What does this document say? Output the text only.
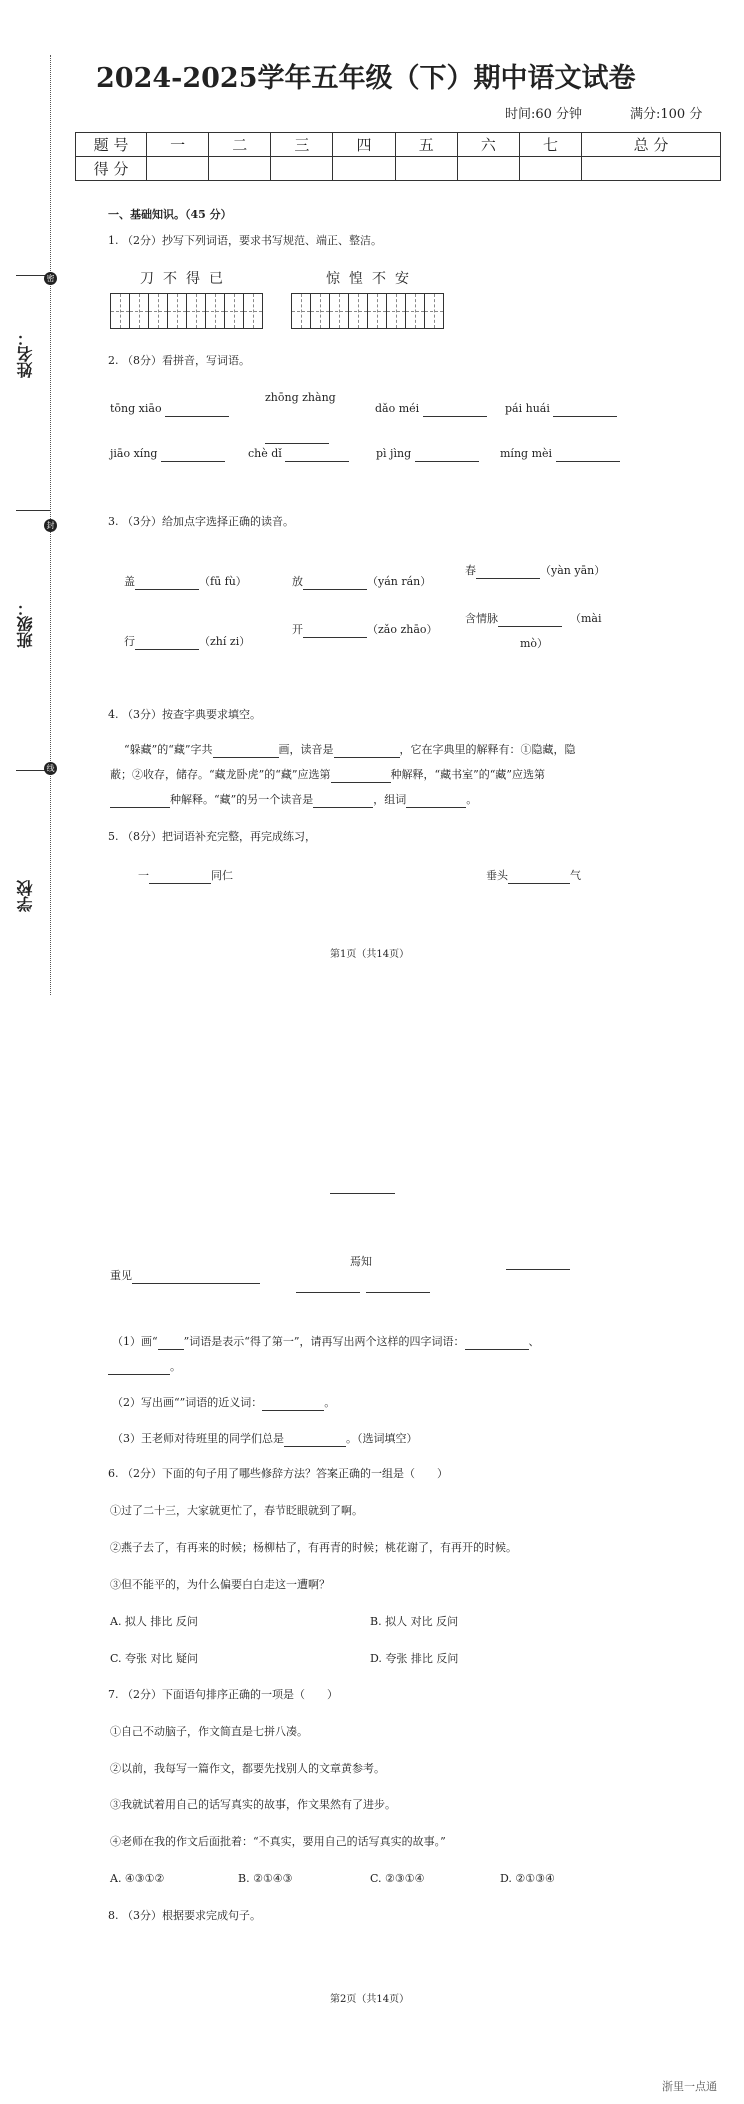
姓名：
班级：
学校
密
封
线
2024-2025学年五年级（下）期中语文试卷
时间:60 分钟	满分:100 分
题 号	一	二	三	四	五	六	七	总 分
得 分								
一、基础知识。（45 分）
1. （2分）抄写下列词语，要求书写规范、端正、整洁。
刀不得已	惊惶不安
2. （8分）看拼音，写词语。
tōng xiāo
zhōng zhàng
dǎo méi	pái huái
jiāo xíng	chè dǐ	pì jìng	míng mèi
3. （3分）给加点字选择正确的读音。
盖	（fū fù）	放	（yán rán）
春	（yàn yān）
行	（zhí zi）
开	（zǎo zhāo）
含情脉	（mài
mò）
4. （3分）按查字典要求填空。
“躲藏”的“藏”字共	画，读音是	，它在字典里的解释有：①隐藏，隐
蔽；②收存，储存。“藏龙卧虎”的“藏”应选第	种解释，“藏书室”的“藏”应选第
种解释。“藏”的另一个读音是	，组词	。
5. （8分）把词语补充完整，再完成练习，
一	同仁	垂头	气
第1页（共14页）
重见
焉知
（1）画“ ”词语是表示“得了第一”，请再写出两个这样的四字词语：	、
。
（2）写出画“”词语的近义词：	。
（3）王老师对待班里的同学们总是	。（选词填空）
6. （2分）下面的句子用了哪些修辞方法？答案正确的一组是（　　）
①过了二十三，大家就更忙了，春节眨眼就到了啊。
②燕子去了，有再来的时候；杨柳枯了，有再青的时候；桃花谢了，有再开的时候。
③但不能平的，为什么偏要白白走这一遭啊？
A. 拟人 排比 反问	B. 拟人 对比 反问
C. 夸张 对比 疑问	D. 夸张 排比 反问
7. （2分）下面语句排序正确的一项是（　　）
①自己不动脑子，作文简直是七拼八凑。
②以前，我每写一篇作文，都要先找别人的文章黄参考。
③我就试着用自己的话写真实的故事，作文果然有了进步。
④老师在我的作文后面批着：“不真实，要用自己的话写真实的故事。”
A. ④③①②	B. ②①④③	C. ②③①④	D. ②①③④
8. （3分）根据要求完成句子。
第2页（共14页）
浙里一点通
